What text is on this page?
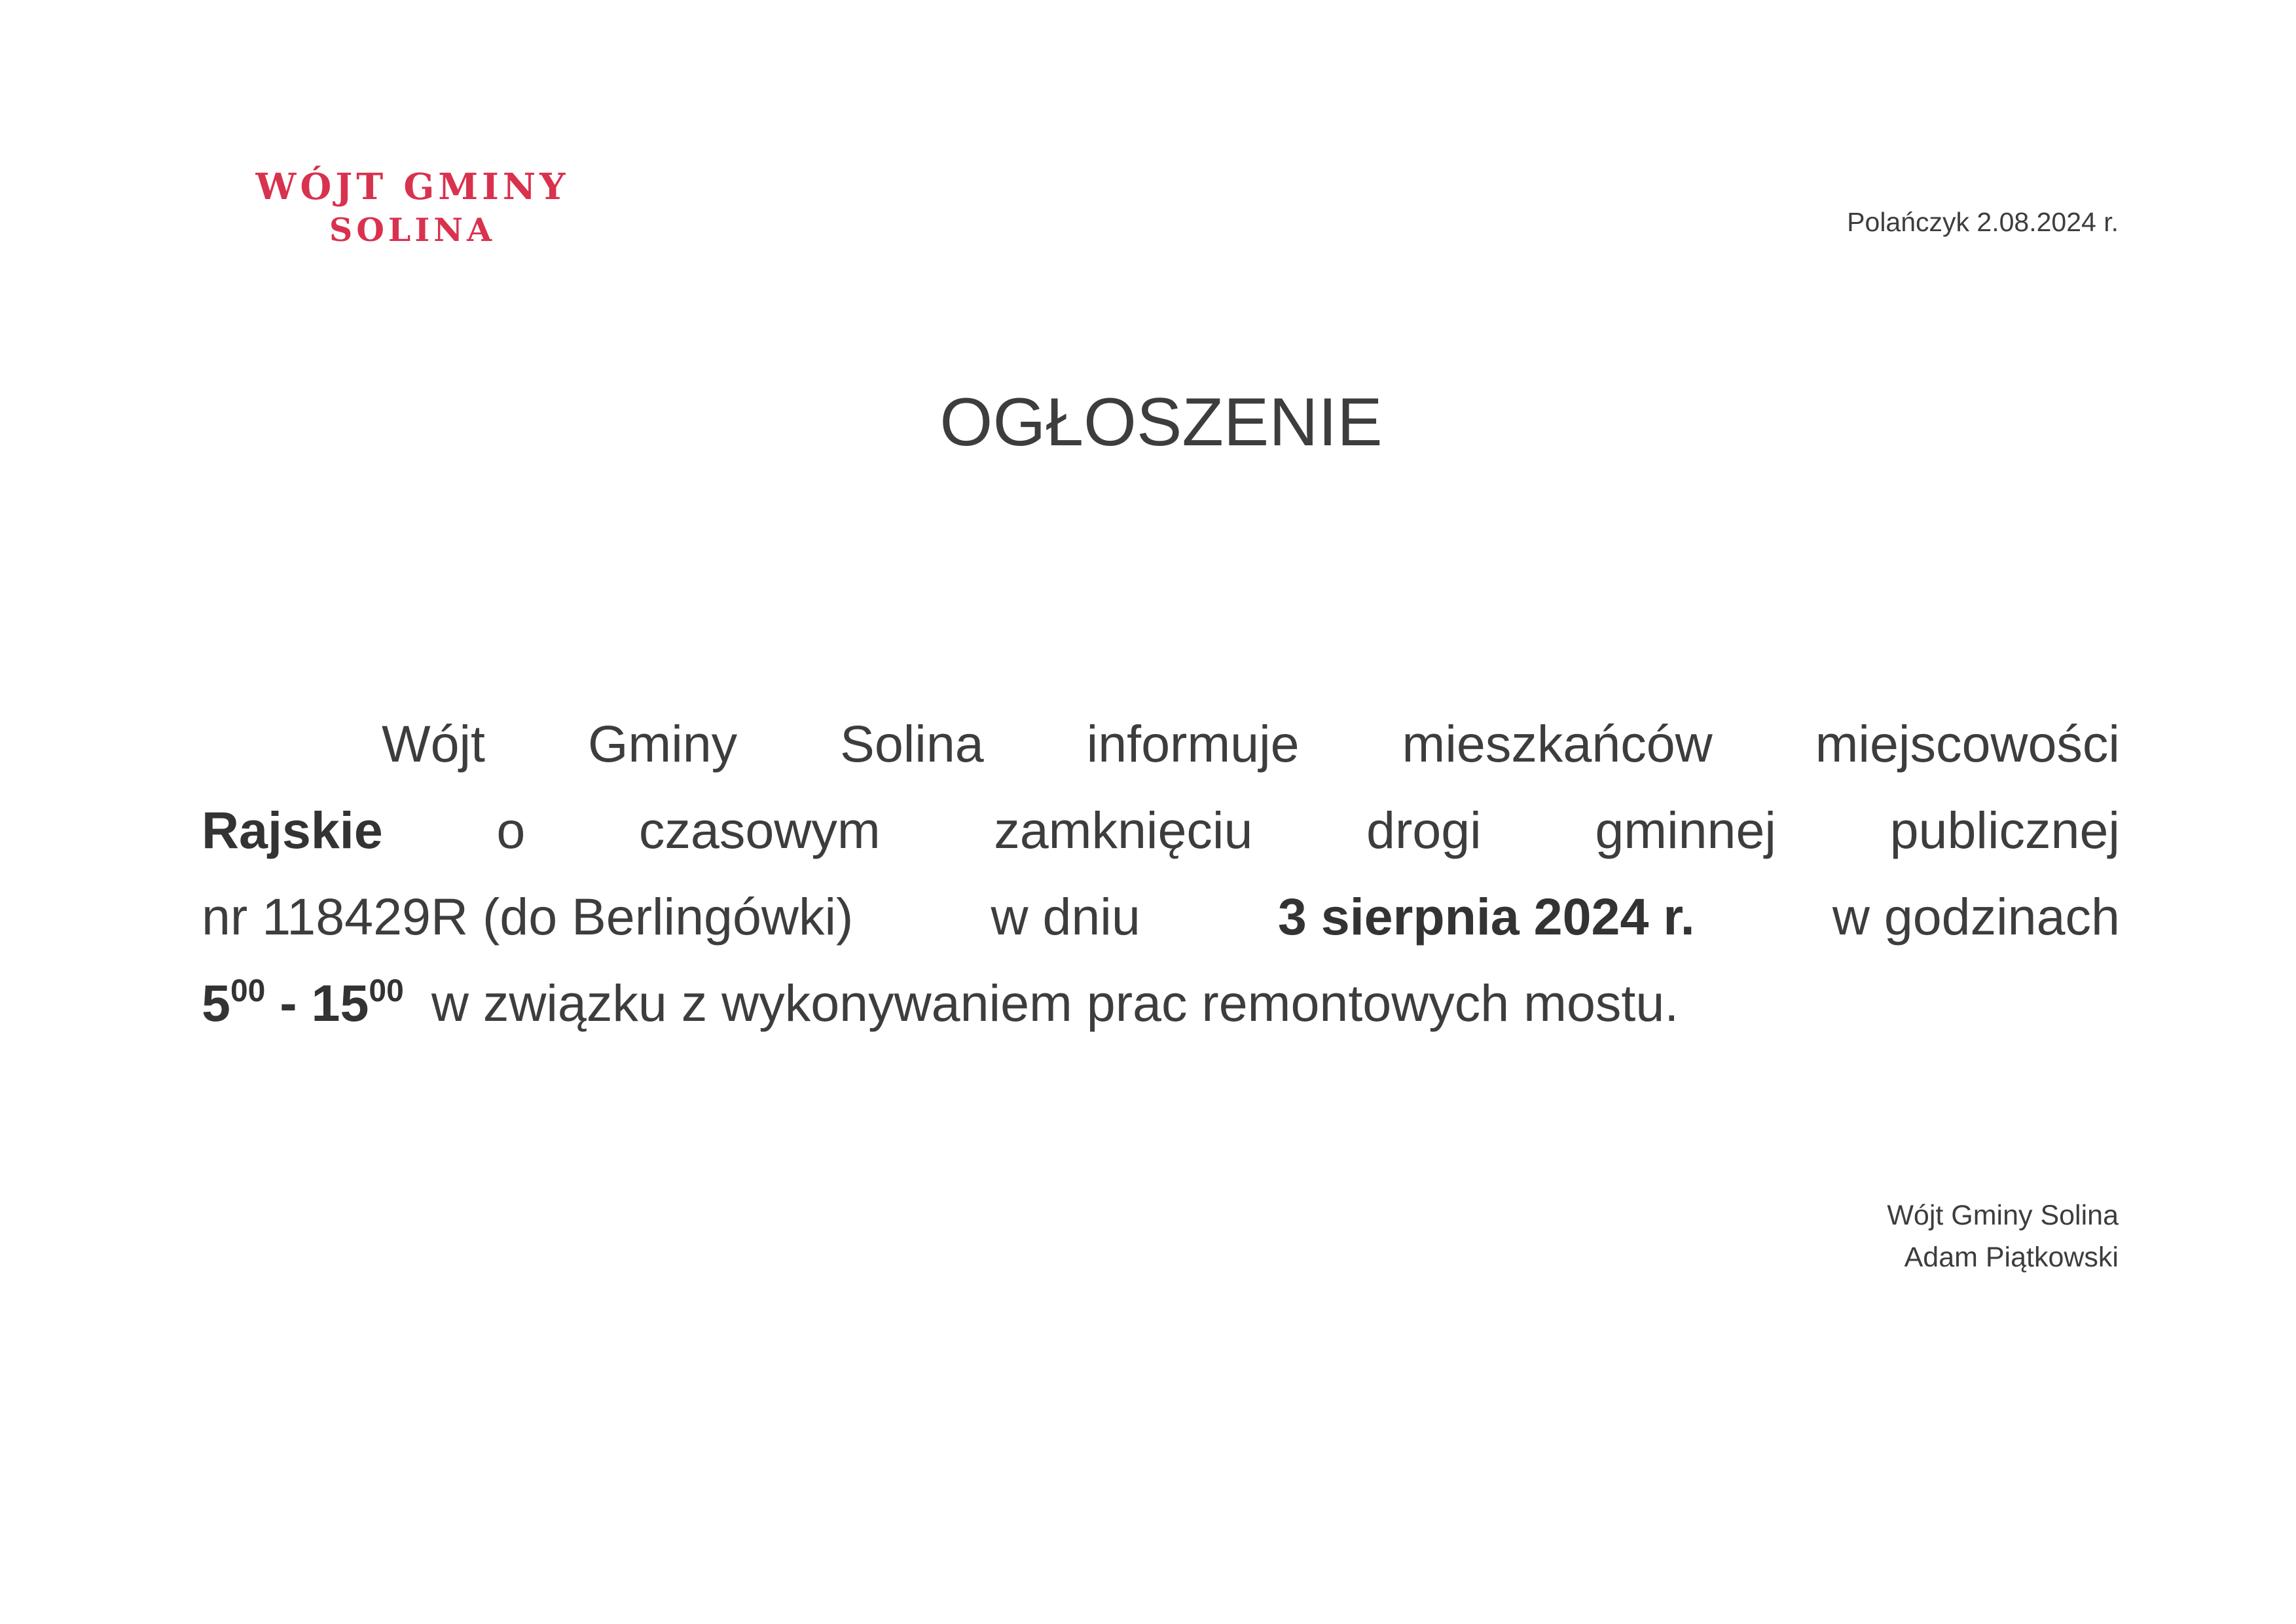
WÓJT GMINY
SOLINA	Polańczyk 2.08.2024 r.
OGŁOSZENIE
Wójt Gminy Solina informuje mieszkańców miejscowości
Rajskie o czasowym zamknięciu drogi gminnej publicznej
nr 118429R (do Berlingówki)	w dniu	3 sierpnia 2024 r.	w godzinach
$5^{00} - 15^{00}$ w związku z wykonywaniem prac remontowych mostu.
Wójt Gminy Solina
Adam Piątkowski
